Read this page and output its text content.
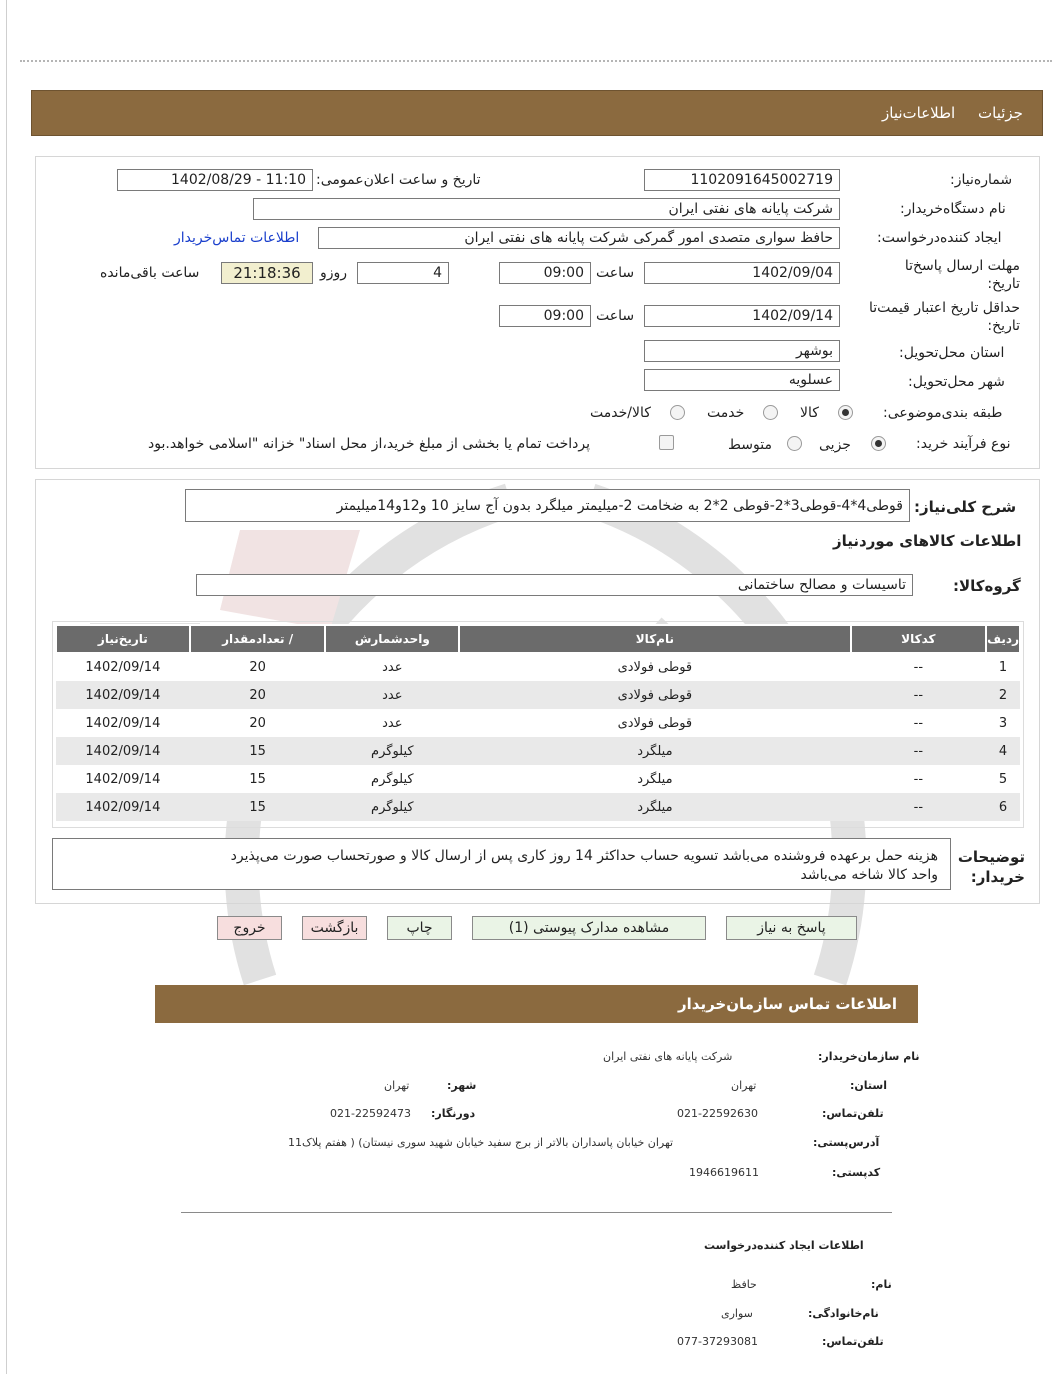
جزئیات
اطلاعات‌نیاز
شماره‌نیاز:
1102091645002719
تاریخ و ساعت اعلان‌عمومی:
1402/08/29 - 11:10
نام دستگاه‌خریدار:
شرکت پایانه های نفتی ایران
ایجاد کننده‌درخواست:
حافظ سواری متصدی امور گمرکی شرکت پایانه های نفتی ایران
اطلاعات تماس‌خریدار
مهلت ارسال پاسخ‌تا تاریخ:
1402/09/04
ساعت
09:00
4
روزو
21:18:36
ساعت باقی‌مانده
حداقل تاریخ اعتبار قیمت‌تا تاریخ:
1402/09/14
ساعت
09:00
استان محل‌تحویل:
بوشهر
شهر محل‌تحویل:
عسلویه
طبقه بندی‌موضوعی:
کالا
خدمت
کالا/خدمت
نوع فرآیند خرید:
جزیی
متوسط
پرداخت تمام یا بخشی از مبلغ خرید،از محل اسناد" خزانه "اسلامی خواهد.بود
شرح کلی‌نیاز:
قوطی4*4-قوطی3*2-قوطی 2*2 به ضخامت 2-میلیمتر میلگرد بدون آج سایز 10 و12و14میلیمتر
اطلاعات کالاهای موردنیاز
گروه‌کالا:
تاسیسات و مصالح ساختمانی
ردیف	کدکالا	نام‌کالا	واحدشمارش	/ تعدادمقدار	تاریخ‌نیاز
1	--	قوطی فولادی	عدد	20	1402/09/14
2	--	قوطی فولادی	عدد	20	1402/09/14
3	--	قوطی فولادی	عدد	20	1402/09/14
4	--	میلگرد	کیلوگرم	15	1402/09/14
5	--	میلگرد	کیلوگرم	15	1402/09/14
6	--	میلگرد	کیلوگرم	15	1402/09/14
توضیحات خریدار:
هزینه حمل برعهده فروشنده می‌باشد تسویه حساب حداکثر 14 روز کاری پس از ارسال کالا و صورتحساب صورت می‌پذیرد
واحد کالا شاخه می‌باشد
پاسخ به نیاز
مشاهده مدارک پیوستی (1)
چاپ
بازگشت
خروج
اطلاعات تماس سازمان‌خریدار
نام سازمان‌خریدار:
شرکت پایانه های نفتی ایران
استان:
تهران
شهر:
تهران
تلفن‌تماس:
021-22592630
دورنگار:
021-22592473
آدرس‌پستی:
تهران خیابان پاسداران بالاتر از برج سفید خیابان شهید سوری نیستان) ( هفتم پلاک11
کد‌پستی:
1946619611
اطلاعات ایجاد کننده‌درخواست
نام:
حافظ
نام‌خانوادگی:
سواری
تلفن‌تماس:
077-37293081
